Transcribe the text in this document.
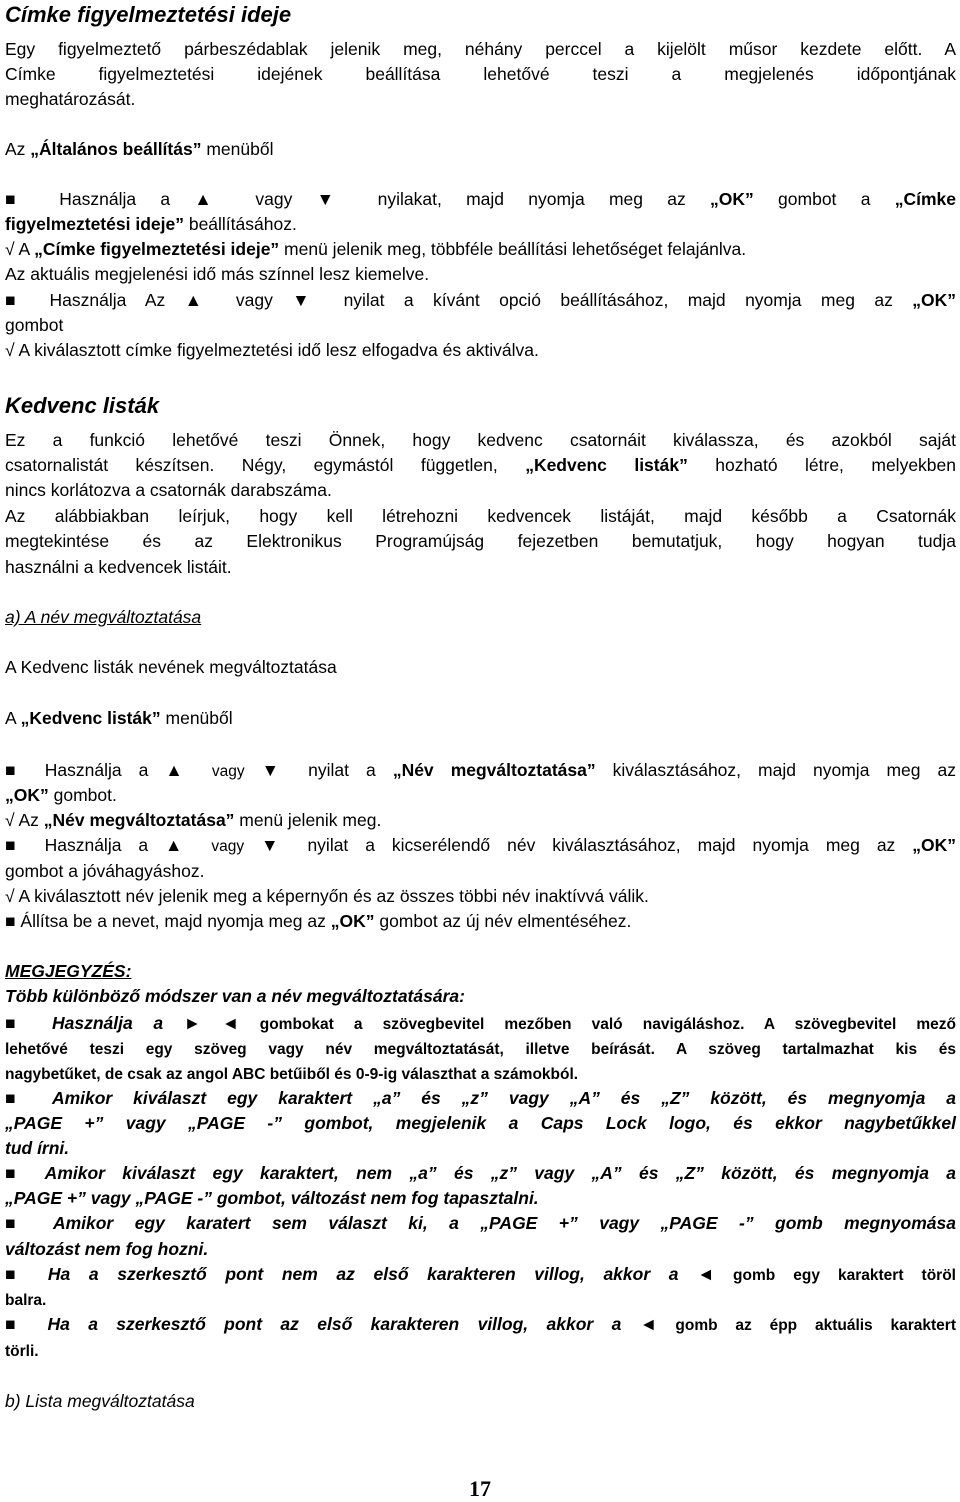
Címke figyelmeztetési ideje
Egy figyelmeztető párbeszédablak jelenik meg, néhány perccel a kijelölt műsor kezdete előtt. A
Címke figyelmeztetési idejének beállítása lehetővé teszi a megjelenés időpontjának
meghatározását.
Az „Általános beállítás” menüből
■ Használja a ▲ vagy ▼ nyilakat, majd nyomja meg az „OK” gombot a „Címke
figyelmeztetési ideje” beállításához.
√ A „Címke figyelmeztetési ideje” menü jelenik meg, többféle beállítási lehetőséget felajánlva.
Az aktuális megjelenési idő más színnel lesz kiemelve.
■ Használja Az ▲ vagy ▼ nyilat a kívánt opció beállításához, majd nyomja meg az „OK”
gombot
√ A kiválasztott címke figyelmeztetési idő lesz elfogadva és aktiválva.
Kedvenc listák
Ez a funkció lehetővé teszi Önnek, hogy kedvenc csatornáit kiválassza, és azokból saját
csatornalistát készítsen. Négy, egymástól független, „Kedvenc listák” hozható létre, melyekben
nincs korlátozva a csatornák darabszáma.
Az alábbiakban leírjuk, hogy kell létrehozni kedvencek listáját, majd később a Csatornák
megtekintése és az Elektronikus Programújság fejezetben bemutatjuk, hogy hogyan tudja
használni a kedvencek listáit.
a) A név megváltoztatása
A Kedvenc listák nevének megváltoztatása
A „Kedvenc listák” menüből
■ Használja a ▲ vagy ▼ nyilat a „Név megváltoztatása” kiválasztásához, majd nyomja meg az
„OK” gombot.
√ Az „Név megváltoztatása” menü jelenik meg.
■ Használja a ▲ vagy ▼ nyilat a kicserélendő név kiválasztásához, majd nyomja meg az „OK”
gombot a jóváhagyáshoz.
√ A kiválasztott név jelenik meg a képernyőn és az összes többi név inaktívvá válik.
■ Állítsa be a nevet, majd nyomja meg az „OK” gombot az új név elmentéséhez.
MEGJEGYZÉS:
Több különböző módszer van a név megváltoztatására:
■ Használja a ► ◄ gombokat a szövegbevitel mezőben való navigáláshoz. A szövegbevitel mező
lehetővé teszi egy szöveg vagy név megváltoztatását, illetve beírását. A szöveg tartalmazhat kis és
nagybetűket, de csak az angol ABC betűiből és 0-9-ig választhat a számokból.
■ Amikor kiválaszt egy karaktert „a” és „z” vagy „A” és „Z” között, és megnyomja a
„PAGE +” vagy „PAGE -” gombot, megjelenik a Caps Lock logo, és ekkor nagybetűkkel
tud írni.
■ Amikor kiválaszt egy karaktert, nem „a” és „z” vagy „A” és „Z” között, és megnyomja a
„PAGE +” vagy „PAGE -” gombot, változást nem fog tapasztalni.
■ Amikor egy karatert sem választ ki, a „PAGE +” vagy „PAGE -” gomb megnyomása
változást nem fog hozni.
■ Ha a szerkesztő pont nem az első karakteren villog, akkor a ◄ gomb egy karaktert töröl
balra.
■ Ha a szerkesztő pont az első karakteren villog, akkor a ◄ gomb az épp aktuális karaktert
törli.
b) Lista megváltoztatása
17
